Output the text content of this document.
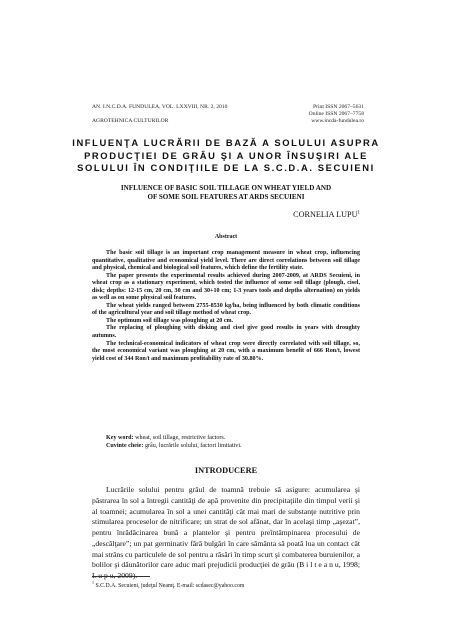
AN. I.N.C.D.A. FUNDULEA, VOL. LXXVIII, NR. 2, 2010
AGROTEHNICA CULTURILOR
Print ISSN 2067–5631
Online ISSN 2067–7758
www.incda-fundulea.ro
INFLUENŢA LUCRĂRII DE BAZĂ A SOLULUI ASUPRA
PRODUCŢIEI DE GRÂU ŞI A UNOR ÎNSUŞIRI ALE
SOLULUI ÎN CONDIŢIILE DE LA S.C.D.A. SECUIENI
INFLUENCE OF BASIC SOIL TILLAGE ON WHEAT YIELD AND
OF SOME SOIL FEATURES AT ARDS SECUIENI
CORNELIA LUPU$^1$
Abstract

The basic soil tillage is an important crop management measure in wheat crop, influencing quantitative, qualitative and economical yield level. There are direct correlations between soil tillage and physical, chemical and biological soil features, which define the fertility state.

The paper presents the experimental results achieved during 2007-2009, at ARDS Secuieni, in wheat crop as a stationary experiment, which tested the influence of some soil tillage (plough, cisel, disk; depths: 12-15 cm, 20 cm, 30 cm and 30+10 cm; 1-3 years tools and depths alternation) on yields as well as on some physical soil features.

The wheat yields ranged between 2755-8530 kg/ha, being influenced by both climatic conditions of the agricultural year and soil tillage method of wheat crop.

The optimum soil tillage was ploughing at 20 cm.

The replacing of ploughing with disking and cisel give good results in years with droughty autumns.

The technical-economical indicators of wheat crop were directly correlated with soil tillage, so, the most economical variant was ploughing at 20 cm, with a maximum benefit of 666 Ron/t, lowest yield cost of 344 Ron/t and maximum profitability rate of 30.80%.

Key word: wheat, soil tillage, restrictive factors.
Cuvinte cheie: grâu, lucrările solului, factori limitativi.
INTRODUCERE

Lucrările solului pentru grâul de toamnă trebuie să asigure: acumularea şi păstrarea în sol a întregii cantităţi de apă provenite din precipitaţiile din timpul verii şi al toamnei; acumularea în sol a unei cantităţi cât mai mari de substanţe nutritive prin stimularea proceselor de nitrificare; un strat de sol afânat, dar în acelaşi timp „aşezat”, pentru înrădăcinarea bună a plantelor şi pentru preîntâmpinarea procesului de „descălţare”; un pat germinativ fără bulgări în care sământa să poată lua un contact cât mai strâns cu particulele de sol pentru a răsări în timp scurt şi combaterea buruienilor, a bolilor şi dăunătorilor care aduc mari prejudicii producţiei de grâu (B i l t e a n u, 1998; L u p u, 2009).

$^1$ S.C.D.A. Secuieni, judeţul Neamţ. E-mail: scdasec@yahoo.com
